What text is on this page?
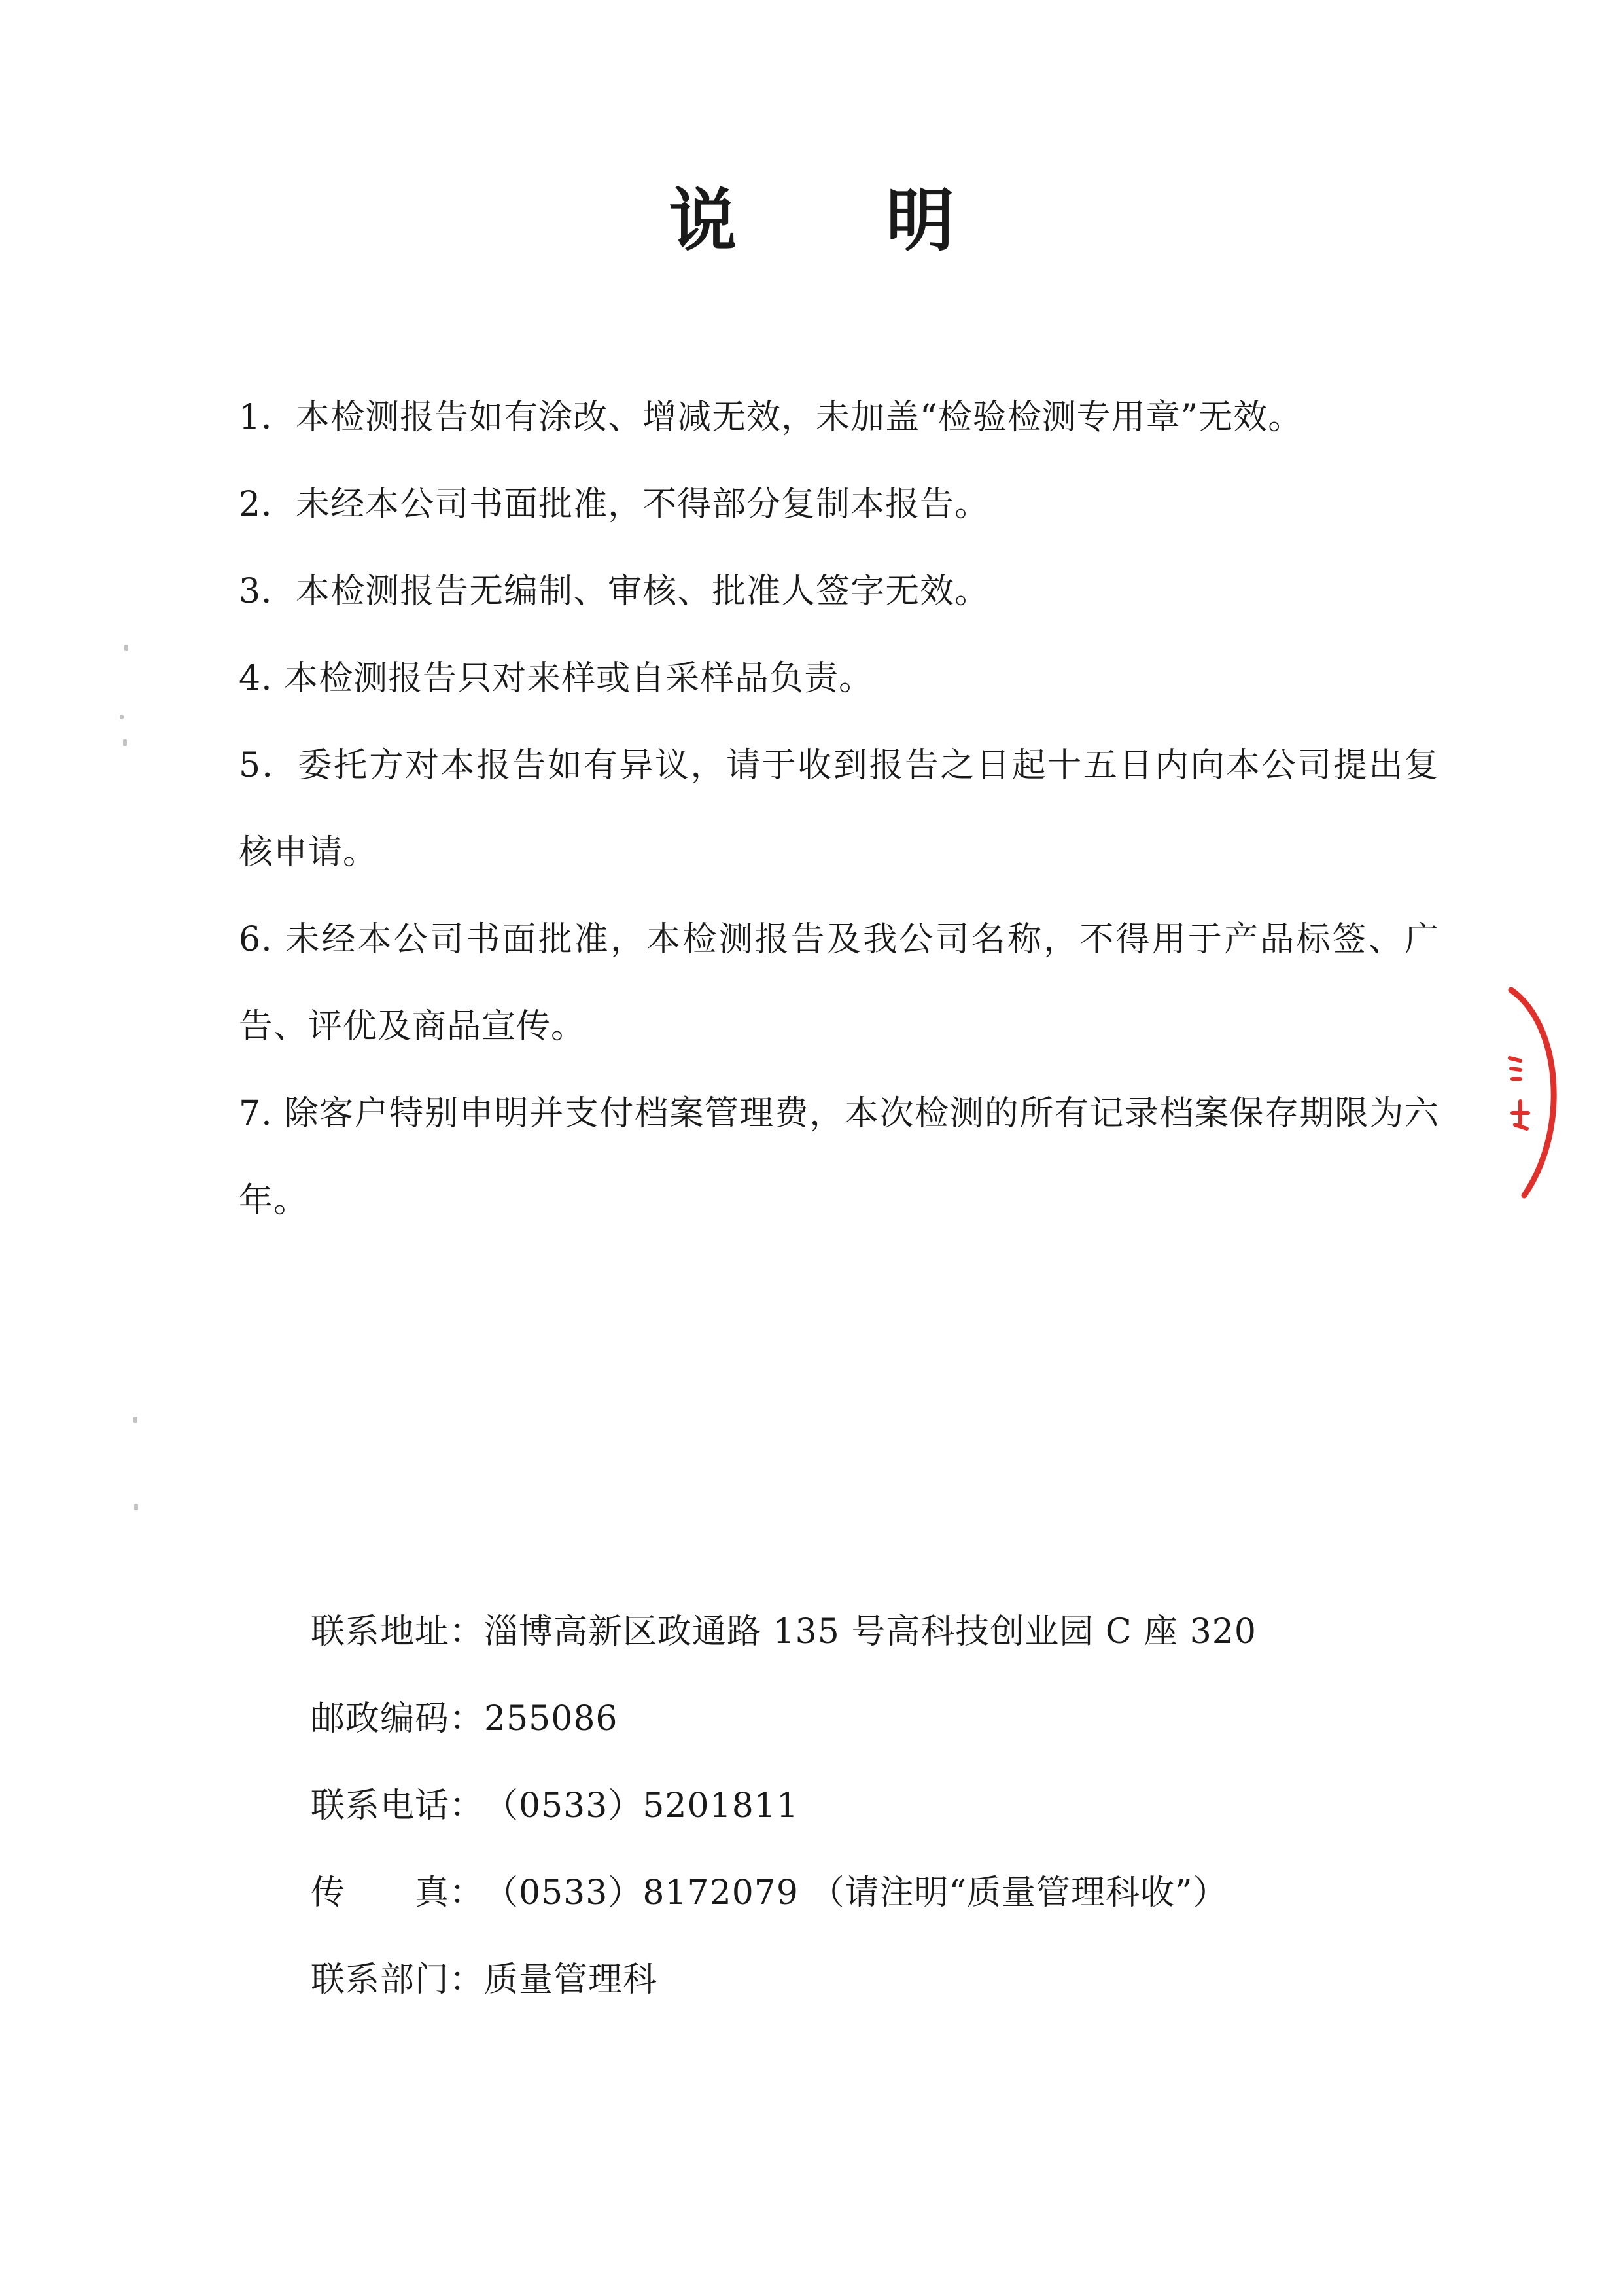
说 明

1．本检测报告如有涂改、增减无效，未加盖“检验检测专用章”无效。

2．未经本公司书面批准，不得部分复制本报告。

3．本检测报告无编制、审核、批准人签字无效。

4. 本检测报告只对来样或自采样品负责。

5．委托方对本报告如有异议，请于收到报告之日起十五日内向本公司提出复核申请。

6. 未经本公司书面批准，本检测报告及我公司名称，不得用于产品标签、广告、评优及商品宣传。

7. 除客户特别申明并支付档案管理费，本次检测的所有记录档案保存期限为六年。

联系地址： 淄博高新区政通路 135 号高科技创业园 C 座 320
邮政编码： 255086
联系电话： （0533）5201811
传　　真： （0533）8172079 （请注明“质量管理科收”）
联系部门： 质量管理科
